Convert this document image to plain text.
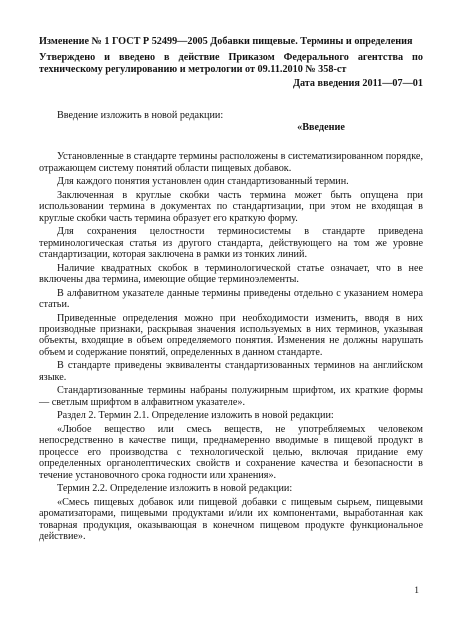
Изменение № 1 ГОСТ Р 52499—2005 Добавки пищевые. Термины и определения

Утверждено и введено в действие Приказом Федерального агентства по техническому регулированию и метрологии от 09.11.2010 № 358-ст

Дата введения 2011—07—01
Введение изложить в новой редакции:
«Введение

Установленные в стандарте термины расположены в систематизированном порядке, отражающем систему понятий области пищевых добавок.

Для каждого понятия установлен один стандартизованный термин.

Заключенная в круглые скобки часть термина может быть опущена при использовании термина в документах по стандартизации, при этом не входящая в круглые скобки часть термина образует его краткую форму.

Для сохранения целостности терминосистемы в стандарте приведена терминологическая статья из другого стандарта, действующего на том же уровне стандартизации, которая заключена в рамки из тонких линий.

Наличие квадратных скобок в терминологической статье означает, что в нее включены два термина, имеющие общие терминоэлементы.

В алфавитном указателе данные термины приведены отдельно с указанием номера статьи.

Приведенные определения можно при необходимости изменить, вводя в них производные признаки, раскрывая значения используемых в них терминов, указывая объекты, входящие в объем определяемого понятия. Изменения не должны нарушать объем и содержание понятий, определенных в данном стандарте.

В стандарте приведены эквиваленты стандартизованных терминов на английском языке.

Стандартизованные термины набраны полужирным шрифтом, их краткие формы — светлым шрифтом в алфавитном указателе».

Раздел 2. Термин 2.1. Определение изложить в новой редакции:

«Любое вещество или смесь веществ, не употребляемых человеком непосредственно в качестве пищи, преднамеренно вводимые в пищевой продукт в процессе его производства с технологической целью, включая придание ему определенных органолептических свойств и сохранение качества и безопасности в течение установочного срока годности или хранения».

Термин 2.2. Определение изложить в новой редакции:

«Смесь пищевых добавок или пищевой добавки с пищевым сырьем, пищевыми ароматизаторами, пищевыми продуктами и/или их компонентами, выработанная как товарная продукция, оказывающая в конечном пищевом продукте функциональное действие».

1
